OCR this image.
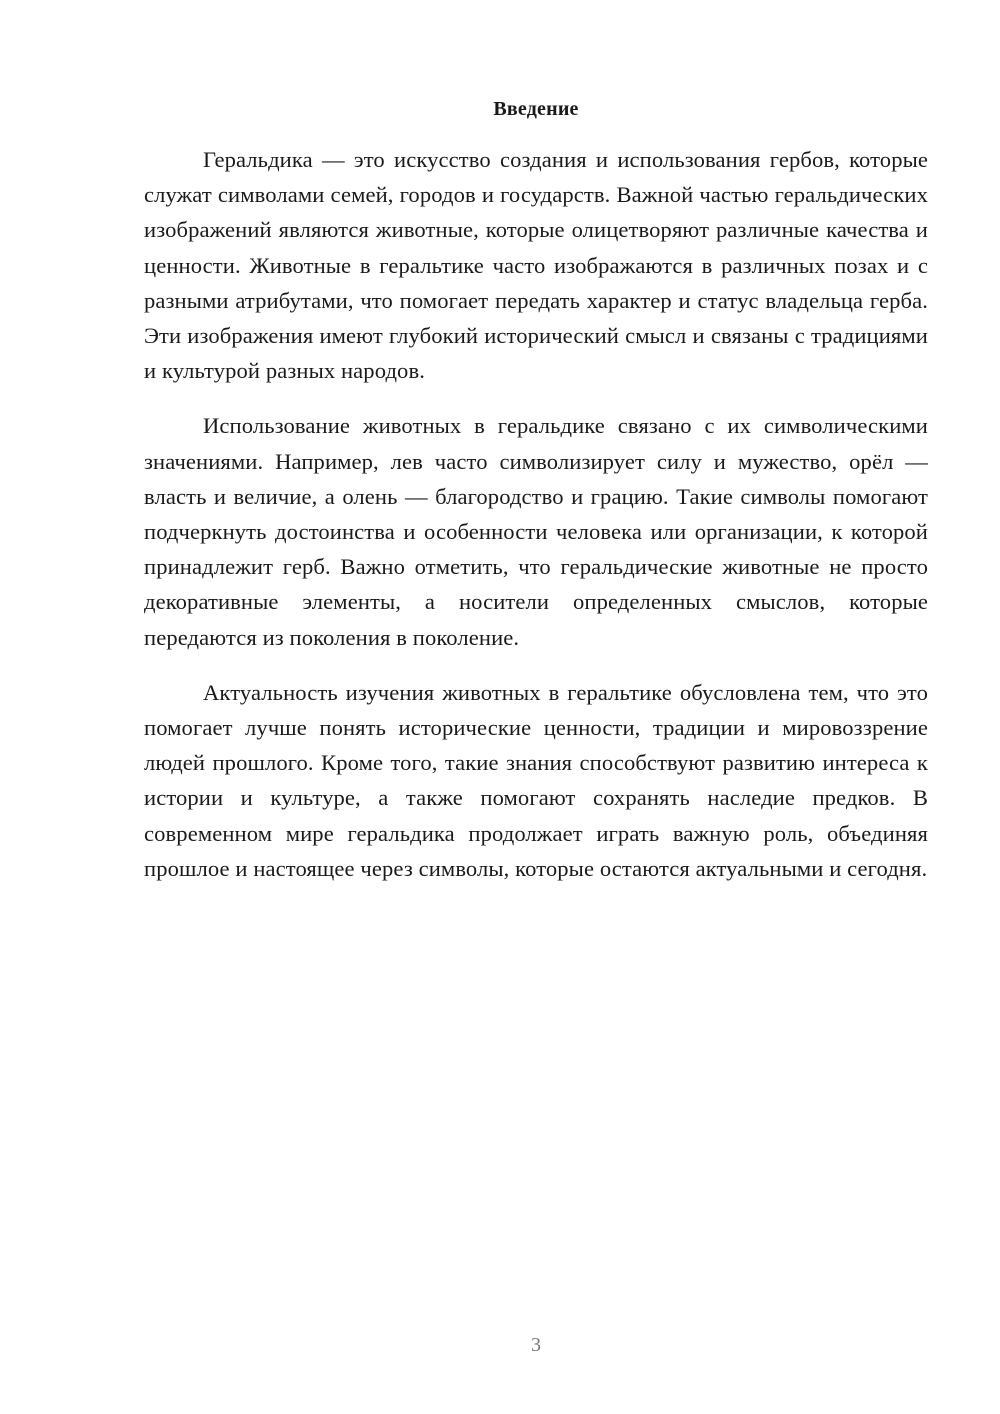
Введение

Геральдика — это искусство создания и использования гербов, которые служат символами семей, городов и государств. Важной частью геральдических изображений являются животные, которые олицетворяют различные качества и ценности. Животные в геральтике часто изображаются в различных позах и с разными атрибутами, что помогает передать характер и статус владельца герба. Эти изображения имеют глубокий исторический смысл и связаны с традициями и культурой разных народов.

Использование животных в геральдике связано с их символическими значениями. Например, лев часто символизирует силу и мужество, орёл — власть и величие, а олень — благородство и грацию. Такие символы помогают подчеркнуть достоинства и особенности человека или организации, к которой принадлежит герб. Важно отметить, что геральдические животные не просто декоративные элементы, а носители определенных смыслов, которые передаются из поколения в поколение.

Актуальность изучения животных в геральтике обусловлена тем, что это помогает лучше понять исторические ценности, традиции и мировоззрение людей прошлого. Кроме того, такие знания способствуют развитию интереса к истории и культуре, а также помогают сохранять наследие предков. В современном мире геральдика продолжает играть важную роль, объединяя прошлое и настоящее через символы, которые остаются актуальными и сегодня.

3
